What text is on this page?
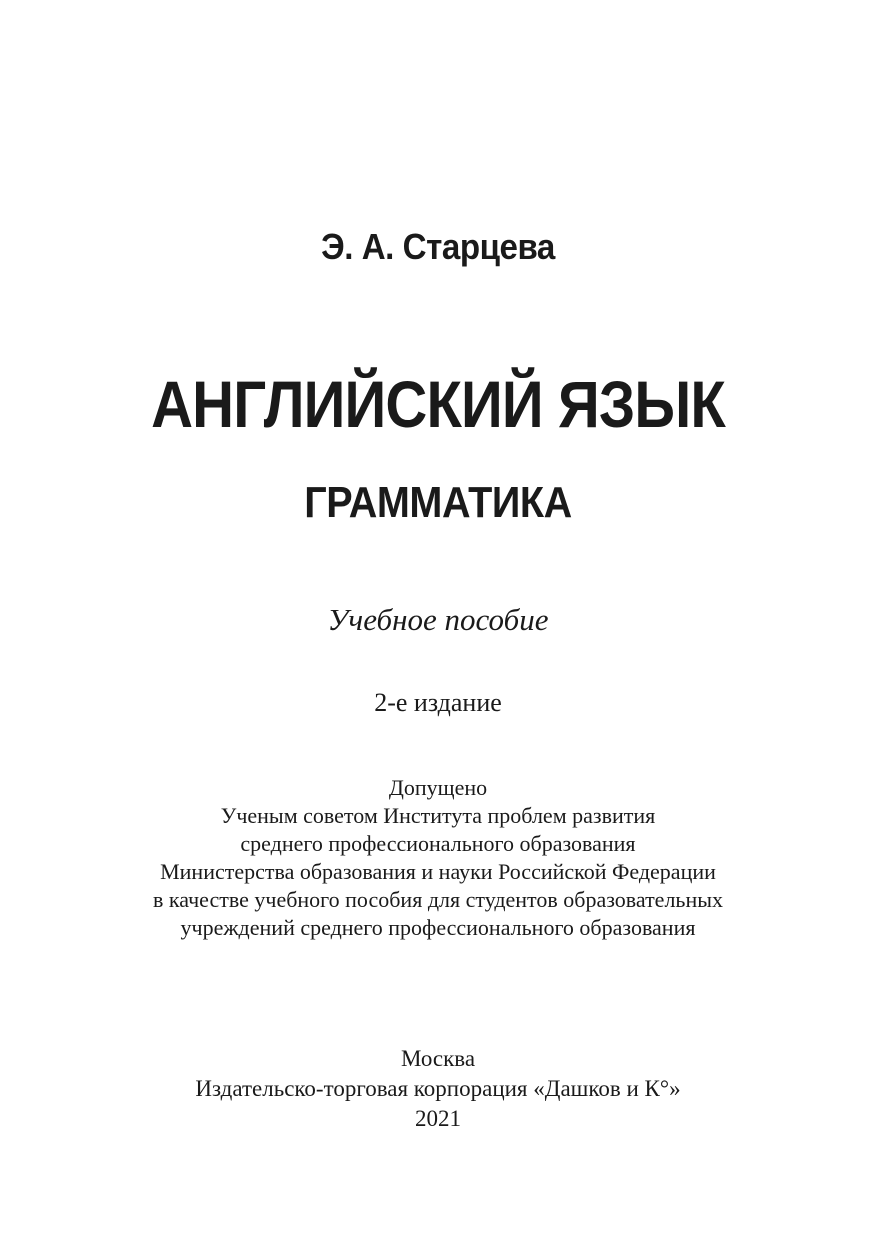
Э. А. Старцева
АНГЛИЙСКИЙ ЯЗЫК
ГРАММАТИКА
Учебное пособие
2-е издание
Допущено
Ученым советом Института проблем развития
среднего профессионального образования
Министерства образования и науки Российской Федерации
в качестве учебного пособия для студентов образовательных
учреждений среднего профессионального образования
Москва
Издательско-торговая корпорация «Дашков и К°»
2021
